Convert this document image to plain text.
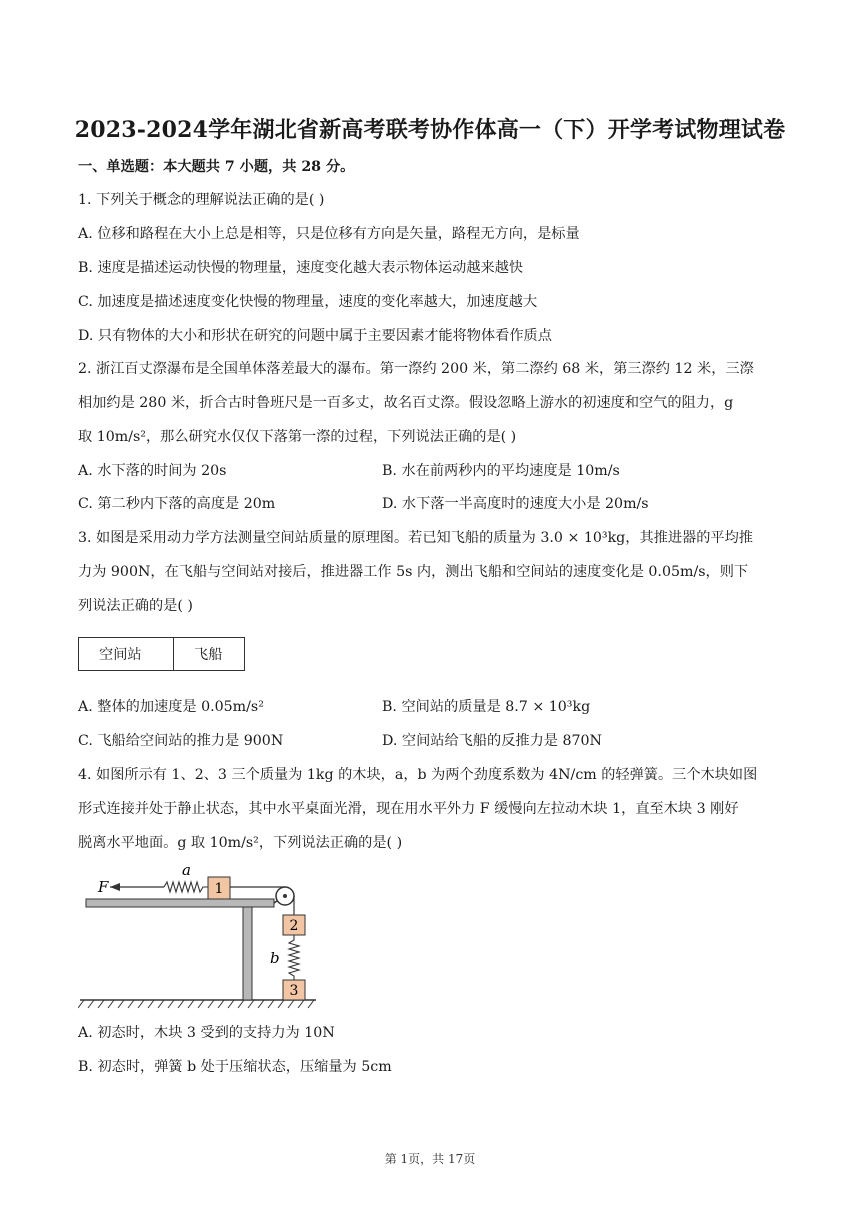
2023-2024学年湖北省新高考联考协作体高一（下）开学考试物理试卷
一、单选题：本大题共 7 小题，共 28 分。
1. 下列关于概念的理解说法正确的是( )
A. 位移和路程在大小上总是相等，只是位移有方向是矢量，路程无方向，是标量
B. 速度是描述运动快慢的物理量，速度变化越大表示物体运动越来越快
C. 加速度是描述速度变化快慢的物理量，速度的变化率越大，加速度越大
D. 只有物体的大小和形状在研究的问题中属于主要因素才能将物体看作质点
2. 浙江百丈漈瀑布是全国单体落差最大的瀑布。第一漈约 200 米，第二漈约 68 米，第三漈约 12 米，三漈
相加约是 280 米，折合古时鲁班尺是一百多丈，故名百丈漈。假设忽略上游水的初速度和空气的阻力，g
取 10m/s²，那么研究水仅仅下落第一漈的过程，下列说法正确的是( )
A. 水下落的时间为 20s	B. 水在前两秒内的平均速度是 10m/s
C. 第二秒内下落的高度是 20m	D. 水下落一半高度时的速度大小是 20m/s
3. 如图是采用动力学方法测量空间站质量的原理图。若已知飞船的质量为 3.0 × 10³kg，其推进器的平均推
力为 900N，在飞船与空间站对接后，推进器工作 5s 内，测出飞船和空间站的速度变化是 0.05m/s，则下
列说法正确的是( )
空间站	飞船
A. 整体的加速度是 0.05m/s²	B. 空间站的质量是 8.7 × 10³kg
C. 飞船给空间站的推力是 900N	D. 空间站给飞船的反推力是 870N
4. 如图所示有 1、2、3 三个质量为 1kg 的木块，a，b 为两个劲度系数为 4N/cm 的轻弹簧。三个木块如图
形式连接并处于静止状态，其中水平桌面光滑，现在用水平外力 F 缓慢向左拉动木块 1，直至木块 3 刚好
脱离水平地面。g 取 10m/s²，下列说法正确的是( )
F
a
1
2
b
3
A. 初态时，木块 3 受到的支持力为 10N
B. 初态时，弹簧 b 处于压缩状态，压缩量为 5cm
第 1页，共 17页
